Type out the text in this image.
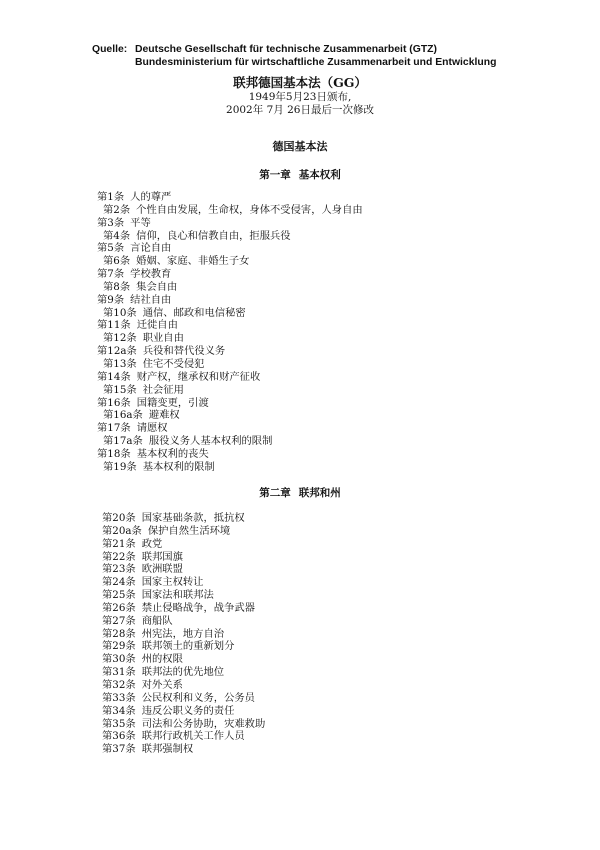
Quelle: Deutsche Gesellschaft für technische Zusammenarbeit (GTZ)
Bundesministerium für wirtschaftliche Zusammenarbeit und Entwicklung
联邦德国基本法（GG）
1949年5月23日颁布,
2002年 7月 26日最后一次修改
德国基本法
第一章 基本权利
第1条 人的尊严
第2条 个性自由发展，生命权，身体不受侵害，人身自由
第3条 平等
第4条 信仰，良心和信教自由，拒服兵役
第5条 言论自由
第6条 婚姻、家庭、非婚生子女
第7条 学校教育
第8条 集会自由
第9条 结社自由
第10条 通信、邮政和电信秘密
第11条 迁徙自由
第12条 职业自由
第12a条 兵役和替代役义务
第13条 住宅不受侵犯
第14条 财产权，继承权和财产征收
第15条 社会征用
第16条 国籍变更，引渡
第16a条 避难权
第17条 请愿权
第17a条 服役义务人基本权利的限制
第18条 基本权利的丧失
第19条 基本权利的限制
第二章 联邦和州
第20条 国家基础条款，抵抗权
第20a条 保护自然生活环境
第21条 政党
第22条 联邦国旗
第23条 欧洲联盟
第24条 国家主权转让
第25条 国家法和联邦法
第26条 禁止侵略战争，战争武器
第27条 商船队
第28条 州宪法，地方自治
第29条 联邦领土的重新划分
第30条 州的权限
第31条 联邦法的优先地位
第32条 对外关系
第33条 公民权利和义务，公务员
第34条 违反公职义务的责任
第35条 司法和公务协助，灾难救助
第36条 联邦行政机关工作人员
第37条 联邦强制权
